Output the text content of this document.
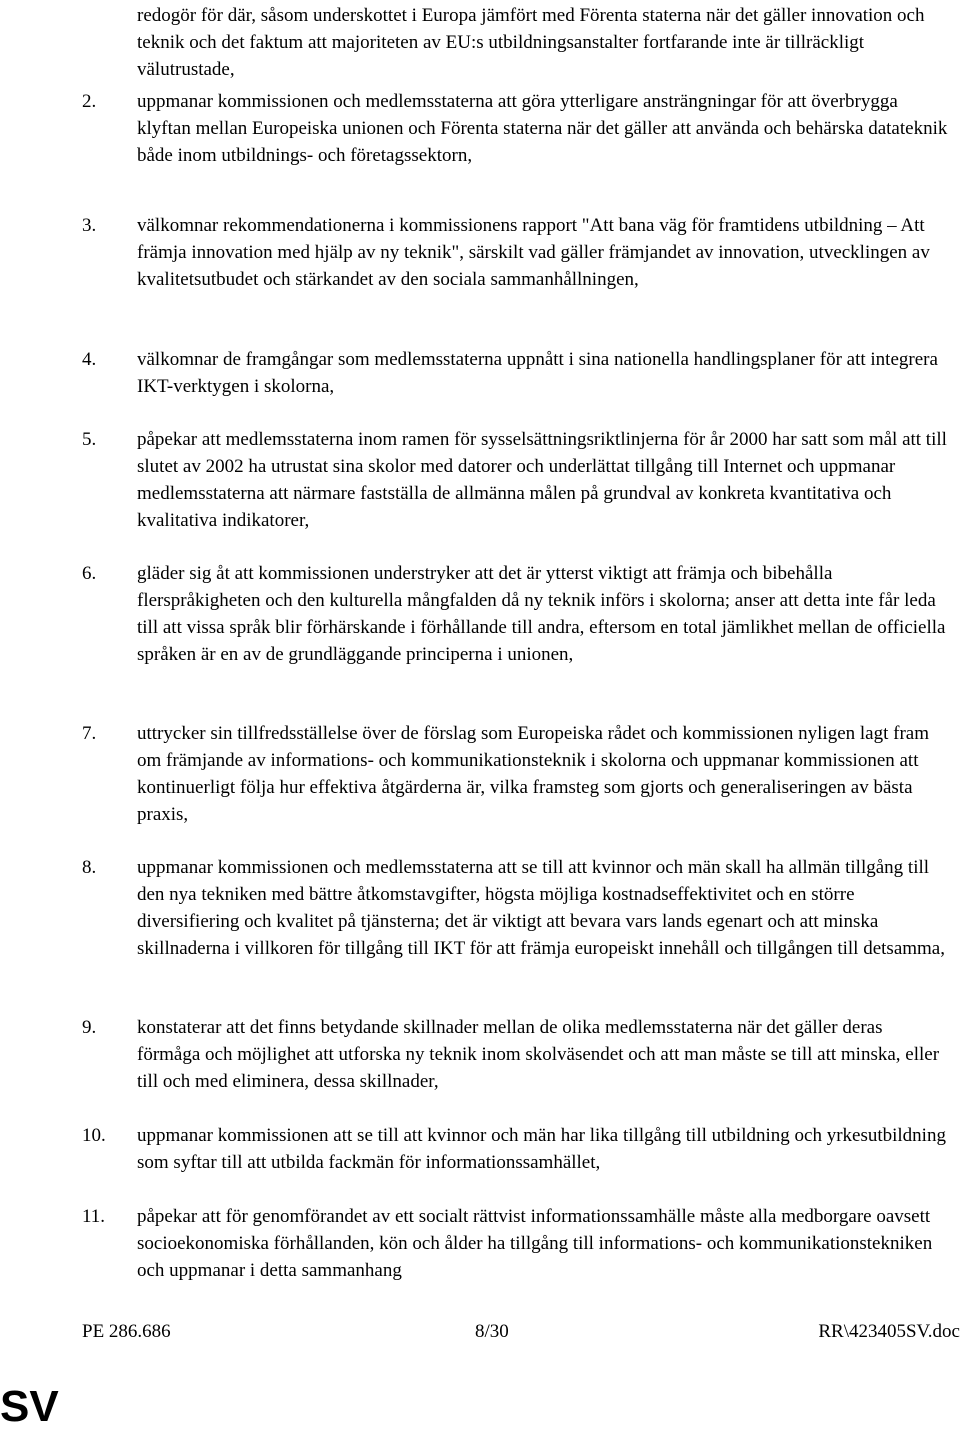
redogör för där, såsom underskottet i Europa jämfört med Förenta staterna när det gäller innovation och teknik och det faktum att majoriteten av EU:s utbildningsanstalter fortfarande inte är tillräckligt välutrustade,

2. uppmanar kommissionen och medlemsstaterna att göra ytterligare ansträngningar för att överbrygga klyftan mellan Europeiska unionen och Förenta staterna när det gäller att använda och behärska datateknik både inom utbildnings- och företagssektorn,

3. välkomnar rekommendationerna i kommissionens rapport "Att bana väg för framtidens utbildning – Att främja innovation med hjälp av ny teknik", särskilt vad gäller främjandet av innovation, utvecklingen av kvalitetsutbudet och stärkandet av den sociala sammanhållningen,

4. välkomnar de framgångar som medlemsstaterna uppnått i sina nationella handlingsplaner för att integrera IKT-verktygen i skolorna,

5. påpekar att medlemsstaterna inom ramen för sysselsättningsriktlinjerna för år 2000 har satt som mål att till slutet av 2002 ha utrustat sina skolor med datorer och underlättat tillgång till Internet och uppmanar medlemsstaterna att närmare fastställa de allmänna målen på grundval av konkreta kvantitativa och kvalitativa indikatorer,

6. gläder sig åt att kommissionen understryker att det är ytterst viktigt att främja och bibehålla flerspråkigheten och den kulturella mångfalden då ny teknik införs i skolorna; anser att detta inte får leda till att vissa språk blir förhärskande i förhållande till andra, eftersom en total jämlikhet mellan de officiella språken är en av de grundläggande principerna i unionen,

7. uttrycker sin tillfredsställelse över de förslag som Europeiska rådet och kommissionen nyligen lagt fram om främjande av informations- och kommunikationsteknik i skolorna och uppmanar kommissionen att kontinuerligt följa hur effektiva åtgärderna är, vilka framsteg som gjorts och generaliseringen av bästa praxis,

8. uppmanar kommissionen och medlemsstaterna att se till att kvinnor och män skall ha allmän tillgång till den nya tekniken med bättre åtkomstavgifter, högsta möjliga kostnadseffektivitet och en större diversifiering och kvalitet på tjänsterna; det är viktigt att bevara vars lands egenart och att minska skillnaderna i villkoren för tillgång till IKT för att främja europeiskt innehåll och tillgången till detsamma,

9. konstaterar att det finns betydande skillnader mellan de olika medlemsstaterna när det gäller deras förmåga och möjlighet att utforska ny teknik inom skolväsendet och att man måste se till att minska, eller till och med eliminera, dessa skillnader,

10. uppmanar kommissionen att se till att kvinnor och män har lika tillgång till utbildning och yrkesutbildning som syftar till att utbilda fackmän för informationssamhället,

11. påpekar att för genomförandet av ett socialt rättvist informationssamhälle måste alla medborgare oavsett socioekonomiska förhållanden, kön och ålder ha tillgång till informations- och kommunikationstekniken och uppmanar i detta sammanhang

PE 286.686	8/30	RR\423405SV.doc
SV
